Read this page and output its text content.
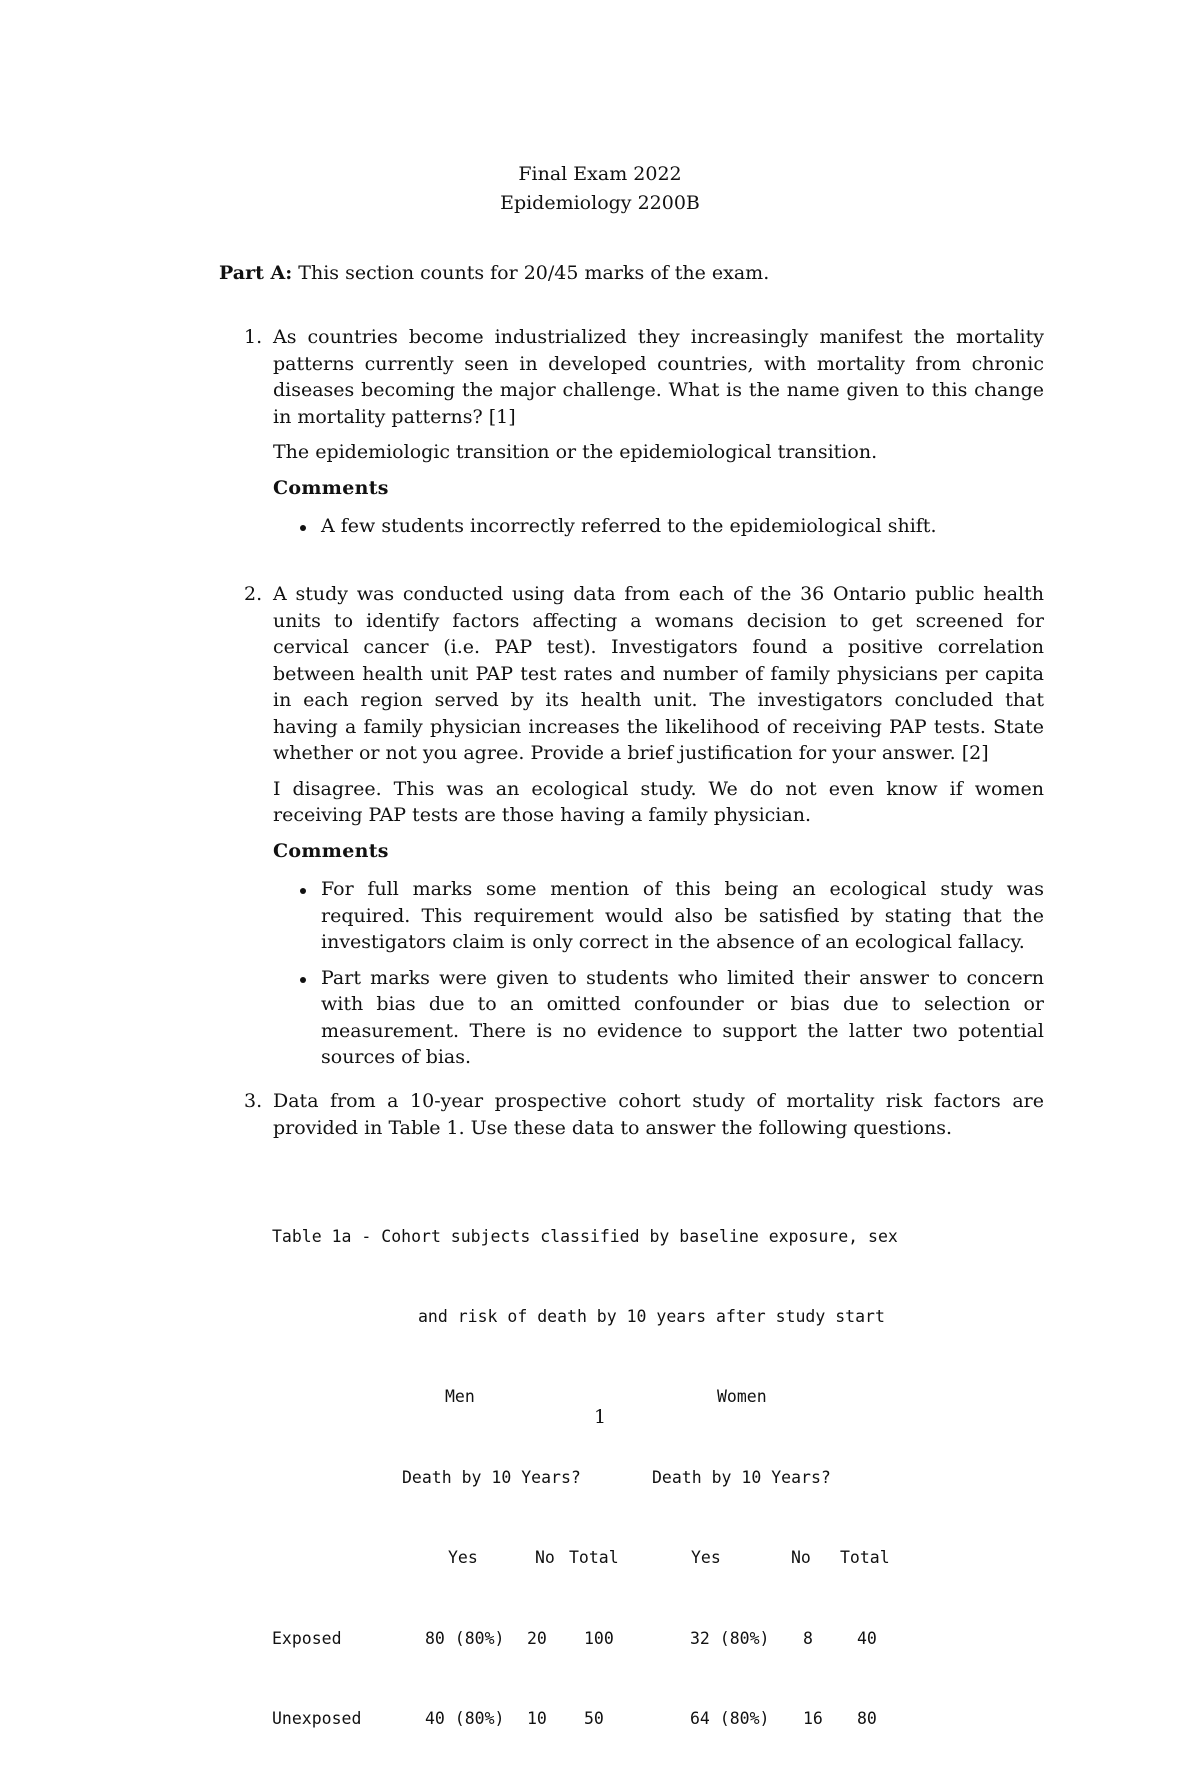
Final Exam 2022
Epidemiology 2200B
Part A: This section counts for 20/45 marks of the exam.
1. As countries become industrialized they increasingly manifest the mortality patterns currently seen in developed countries, with mortality from chronic diseases becoming the major challenge. What is the name given to this change in mortality patterns? [1]

The epidemiologic transition or the epidemiological transition.

Comments
A few students incorrectly referred to the epidemiological shift.
2. A study was conducted using data from each of the 36 Ontario public health units to identify factors affecting a womans decision to get screened for cervical cancer (i.e. PAP test). Investigators found a positive correlation between health unit PAP test rates and number of family physicians per capita in each region served by its health unit. The investigators concluded that having a family physician increases the likelihood of receiving PAP tests. State whether or not you agree. Provide a brief justification for your answer. [2]

I disagree. This was an ecological study. We do not even know if women receiving PAP tests are those having a family physician.

Comments
For full marks some mention of this being an ecological study was required. This requirement would also be satisfied by stating that the investigators claim is only correct in the absence of an ecological fallacy.
Part marks were given to students who limited their answer to concern with bias due to an omitted confounder or bias due to selection or measurement. There is no evidence to support the latter two potential sources of bias.
3. Data from a 10-year prospective cohort study of mortality risk factors are provided in Table 1. Use these data to answer the following questions.

Table 1a - Cohort subjects classified by baseline exposure, sex

and risk of death by 10 years after study start

Men	Women

Death by 10 Years?	Death by 10 Years?

Yes	No Total	Yes	No Total

Exposed	80 (80%) 20 100	32 (80%) 8	40

Unexposed	40 (80%) 10 50	64 (80%) 16 80

1
